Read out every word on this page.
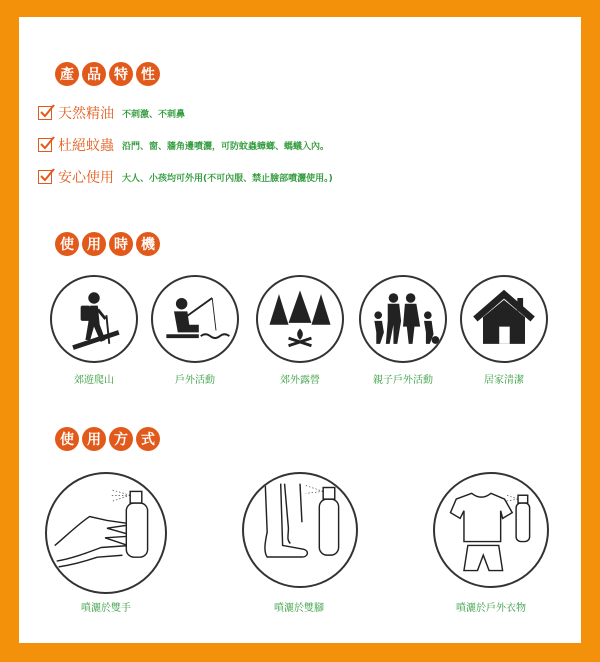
產 品 特 性
天然精油 不刺激、不刺鼻
杜絕蚊蟲 沿門、窗、牆角邊噴灑，可防蚊蟲蟑螂、螞蟻入內。
安心使用 大人、小孩均可外用(不可內服、禁止臉部噴灑使用。)
使 用 時 機
郊遊爬山	戶外活動	郊外露營	親子戶外活動	居家清潔
使 用 方 式
噴灑於雙手	噴灑於雙腳	噴灑於戶外衣物
